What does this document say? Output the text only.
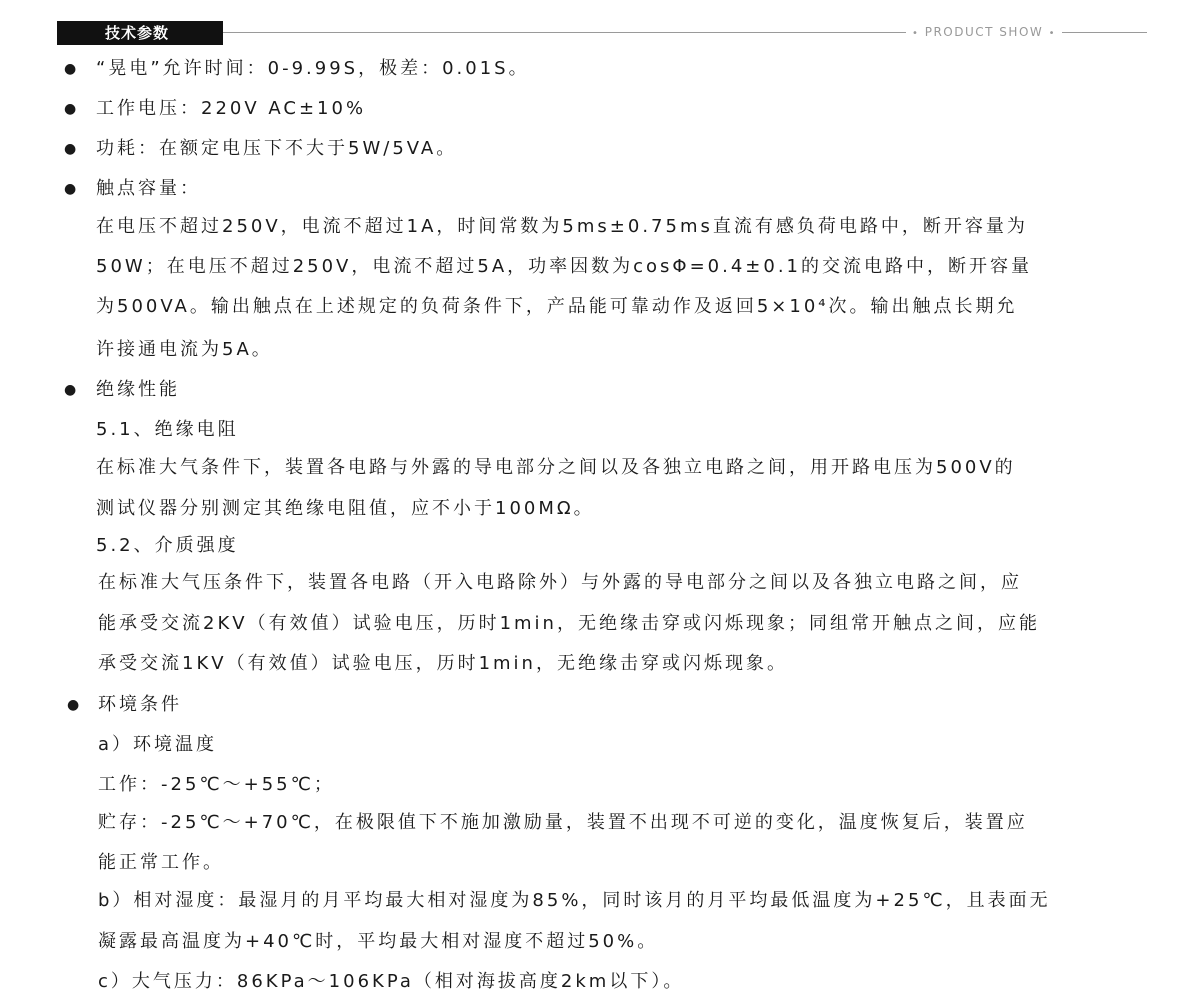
技术参数	• PRODUCT SHOW •
● “晃电”允许时间：0-9.99S，极差：0.01S。
● 工作电压：220V AC±10%
● 功耗：在额定电压下不大于5W/5VA。
● 触点容量：
在电压不超过250V，电流不超过1A，时间常数为5ms±0.75ms直流有感负荷电路中，断开容量为
50W；在电压不超过250V，电流不超过5A，功率因数为cosΦ=0.4±0.1的交流电路中，断开容量
为500VA。输出触点在上述规定的负荷条件下，产品能可靠动作及返回5×10⁴次。输出触点长期允
许接通电流为5A。
● 绝缘性能
5.1、绝缘电阻
在标准大气条件下，装置各电路与外露的导电部分之间以及各独立电路之间，用开路电压为500V的
测试仪器分别测定其绝缘电阻值，应不小于100MΩ。
5.2、介质强度
在标准大气压条件下，装置各电路（开入电路除外）与外露的导电部分之间以及各独立电路之间，应
能承受交流2KV（有效值）试验电压，历时1min，无绝缘击穿或闪烁现象；同组常开触点之间，应能
承受交流1KV（有效值）试验电压，历时1min，无绝缘击穿或闪烁现象。
● 环境条件
a）环境温度
工作：-25℃～+55℃；
贮存：-25℃～+70℃，在极限值下不施加激励量，装置不出现不可逆的变化，温度恢复后，装置应
能正常工作。
b）相对湿度：最湿月的月平均最大相对湿度为85%，同时该月的月平均最低温度为+25℃，且表面无
凝露最高温度为+40℃时，平均最大相对湿度不超过50%。
c）大气压力：86KPa～106KPa（相对海拔高度2km以下）。
